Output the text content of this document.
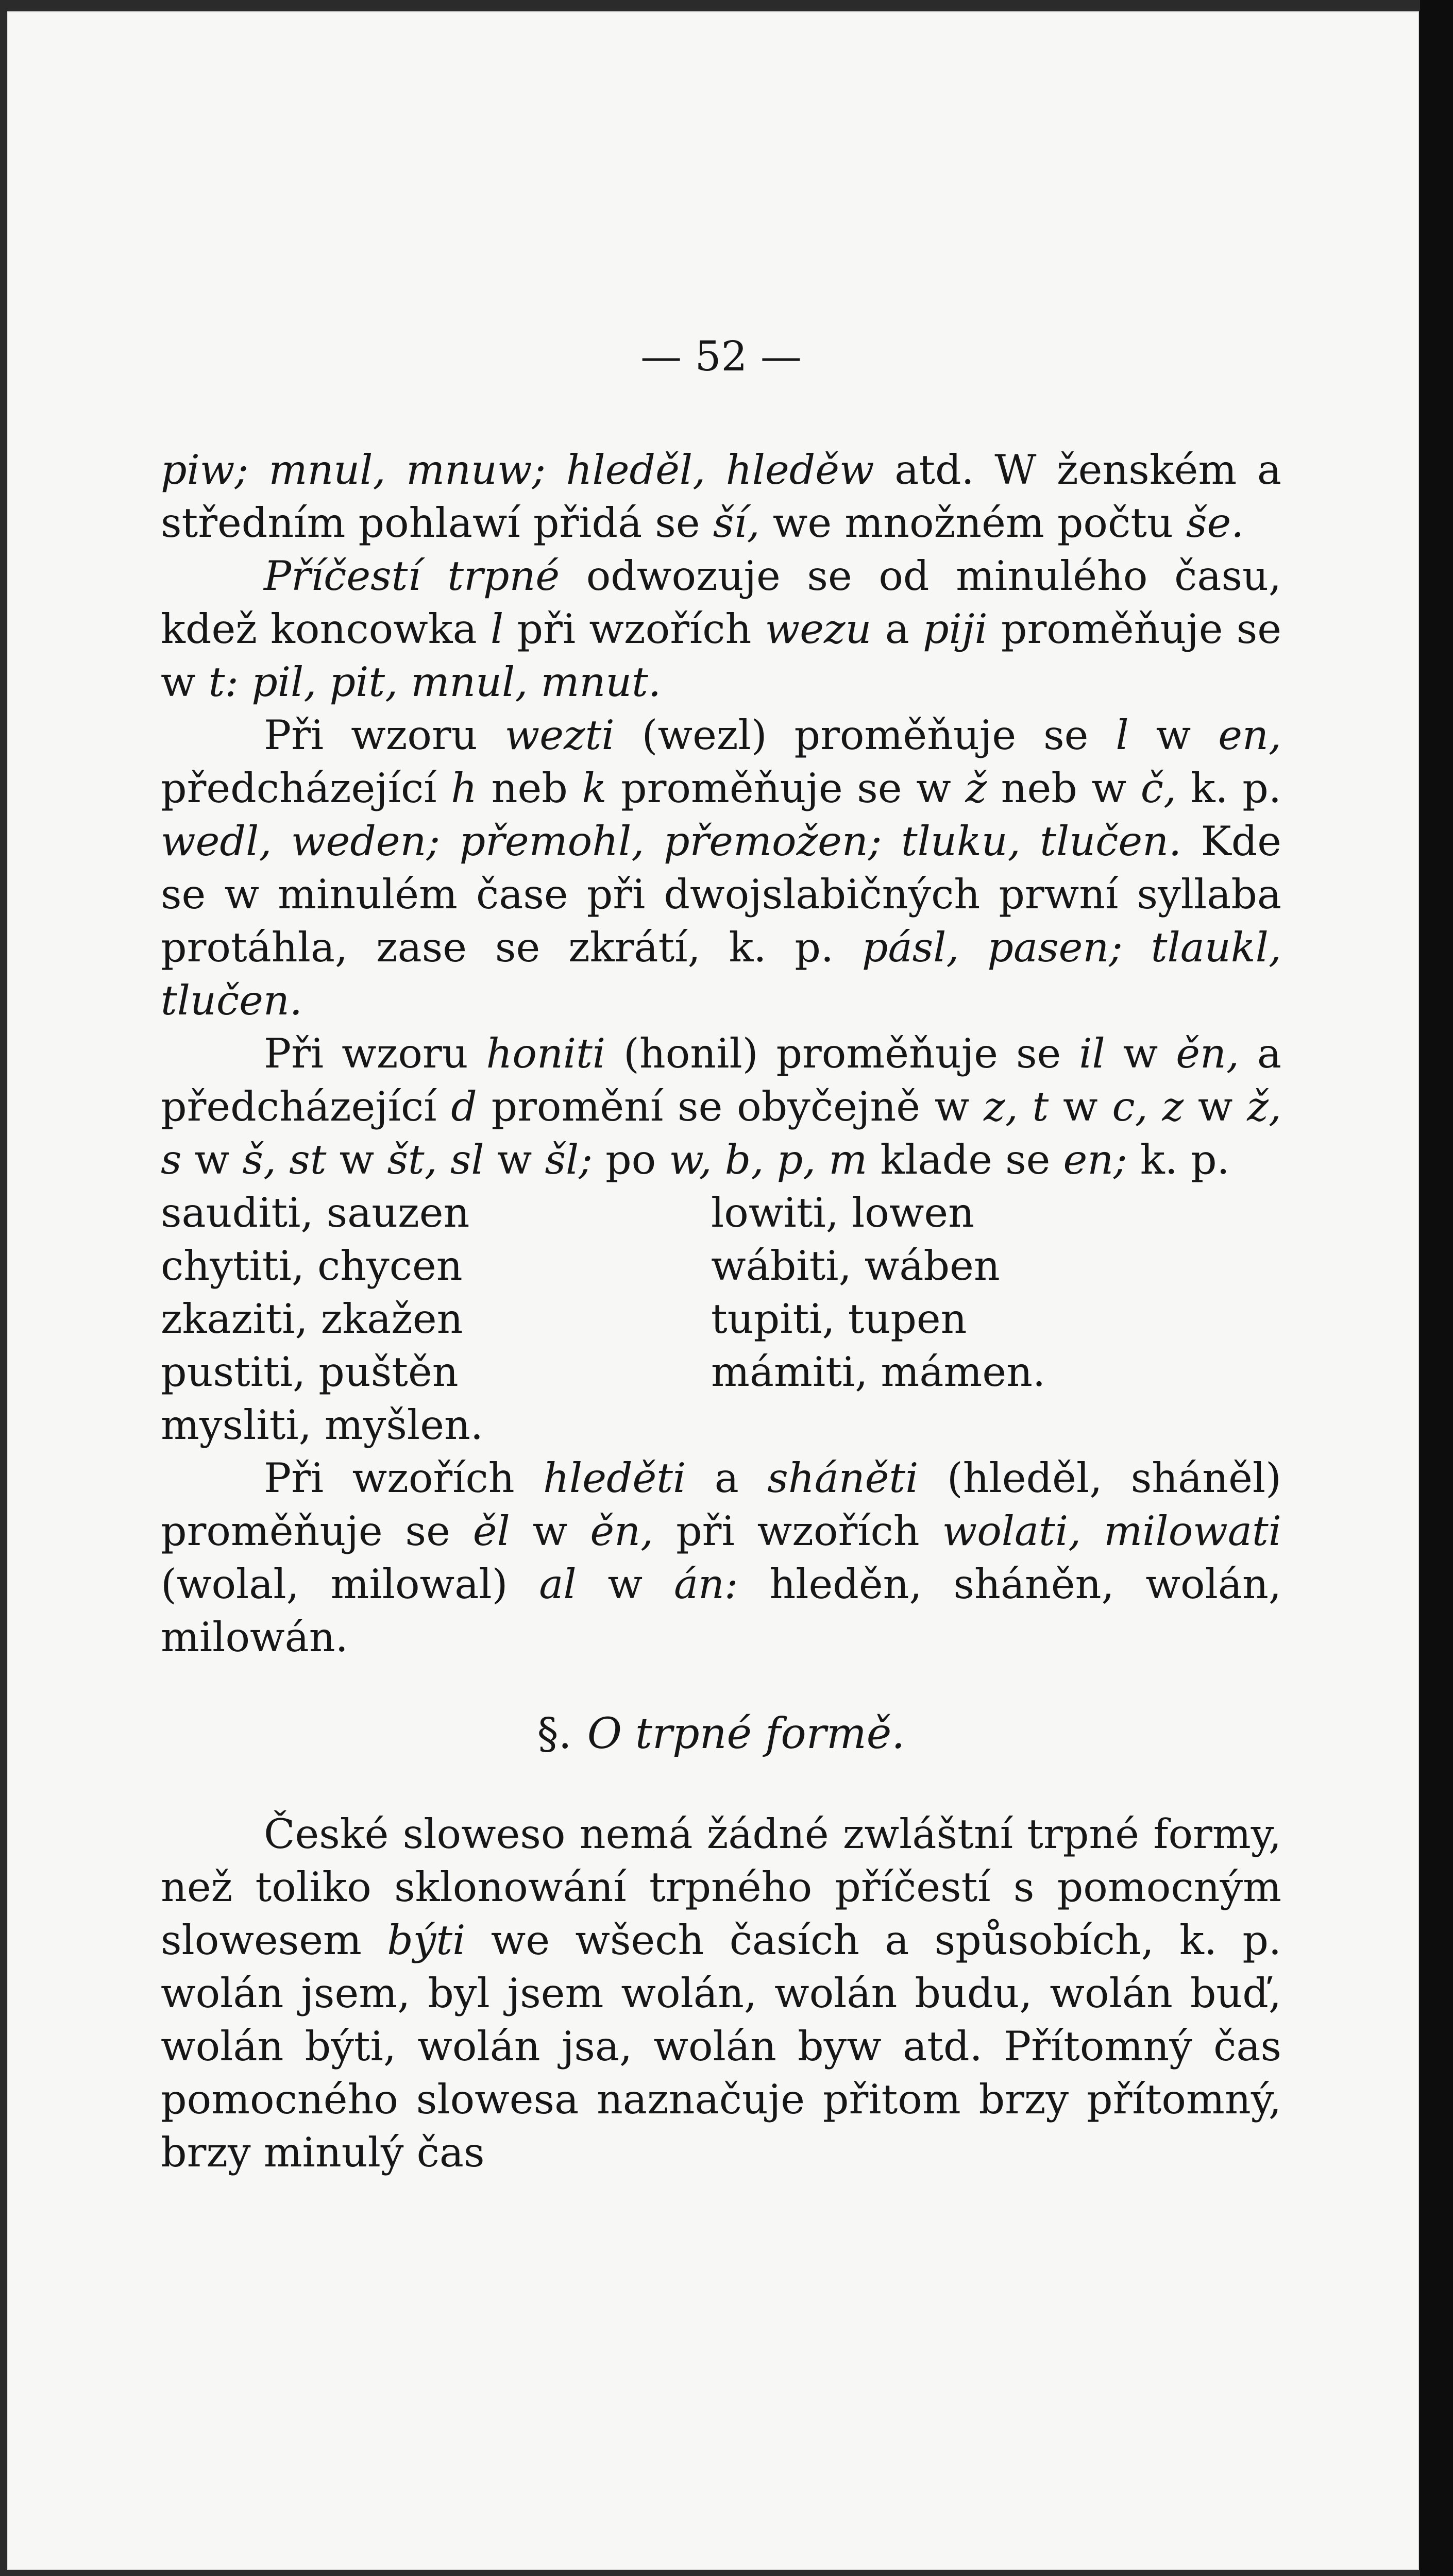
— 52 —

piw; mnul, mnuw; hleděl, hleděw atd. W ženském a středním pohlawí přidá se ší, we množném počtu še.

Příčestí trpné odwozuje se od minulého času, kdež koncowka l při wzořích wezu a piji proměňuje se w t: pil, pit, mnul, mnut.

Při wzoru wezti (wezl) proměňuje se l w en, předcházející h neb k proměňuje se w ž neb w č, k. p. wedl, weden; přemohl, přemožen; tluku, tlučen. Kde se w minulém čase při dwojslabičných prwní syllaba protáhla, zase se zkrátí, k. p. pásl, pasen; tlaukl, tlučen.

Při wzoru honiti (honil) proměňuje se il w ěn, a předcházející d promění se obyčejně w z, t w c, z w ž, s w š, st w št, sl w šl; po w, b, p, m klade se en; k. p.

sauditi, sauzen
chytiti, chycen
zkaziti, zkažen
pustiti, puštěn
mysliti, myšlen.
lowiti, lowen
wábiti, wáben
tupiti, tupen
mámiti, mámen.

Při wzořích hleděti a sháněti (hleděl, sháněl) proměňuje se ěl w ěn, při wzořích wolati, milowati (wolal, milowal) al w án: hleděn, sháněn, wolán, milowán.

§. O trpné formě.

České sloweso nemá žádné zwláštní trpné formy, než toliko sklonowání trpného příčestí s pomocným slowesem býti we wšech časích a spůsobích, k. p. wolán jsem, byl jsem wolán, wolán budu, wolán buď, wolán býti, wolán jsa, wolán byw atd. Přítomný čas pomocného slowesa naznačuje přitom brzy přítomný, brzy minulý čas
